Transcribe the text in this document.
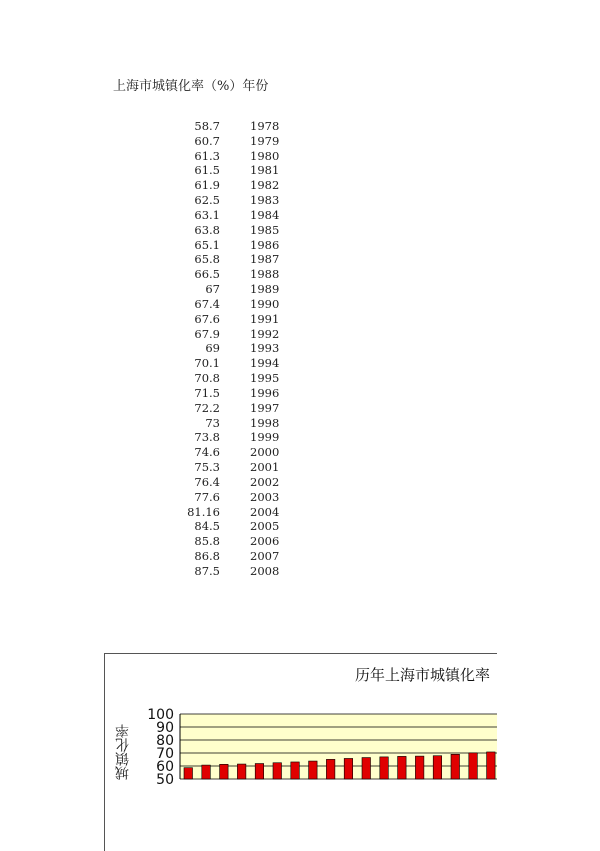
上海市城镇化率（%）年份
58.7	1978
60.7	1979
61.3	1980
61.5	1981
61.9	1982
62.5	1983
63.1	1984
63.8	1985
65.1	1986
65.8	1987
66.5	1988
67	1989
67.4	1990
67.6	1991
67.9	1992
69	1993
70.1	1994
70.8	1995
71.5	1996
72.2	1997
73	1998
73.8	1999
74.6	2000
75.3	2001
76.4	2002
77.6	2003
81.16	2004
84.5	2005
85.8	2006
86.8	2007
87.5	2008
历年上海市城镇化率
城镇化率
100
90
80
70
60
50
